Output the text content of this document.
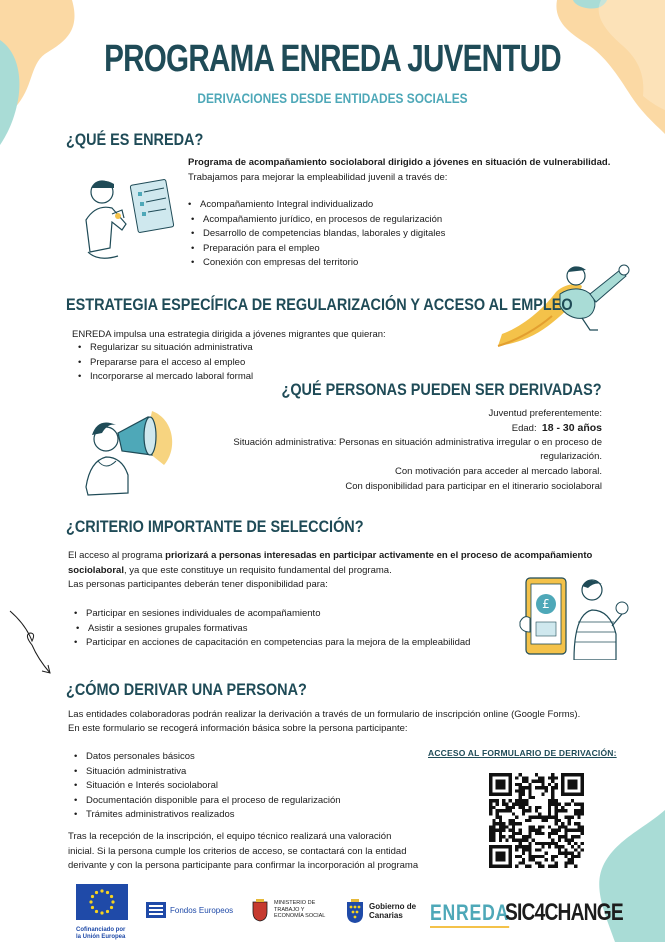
PROGRAMA ENREDA JUVENTUD
DERIVACIONES DESDE ENTIDADES SOCIALES
¿QUÉ ES ENREDA?
Programa de acompañamiento sociolaboral dirigido a jóvenes en situación de vulnerabilidad.
Trabajamos para mejorar la empleabilidad juvenil a través de:
• Acompañamiento Integral individualizado
• Acompañamiento jurídico, en procesos de regularización
• Desarrollo de competencias blandas, laborales y digitales
• Preparación para el empleo
• Conexión con empresas del territorio
ESTRATEGIA ESPECÍFICA DE REGULARIZACIÓN Y ACCESO AL EMPLEO
ENREDA impulsa una estrategia dirigida a jóvenes migrantes que quieran:
• Regularizar su situación administrativa
• Prepararse para el acceso al empleo
• Incorporarse al mercado laboral formal
¿QUÉ PERSONAS PUEDEN SER DERIVADAS?
Juventud preferentemente:
Edad: 18 - 30 años
Situación administrativa: Personas en situación administrativa irregular o en proceso de
regularización.
Con motivación para acceder al mercado laboral.
Con disponibilidad para participar en el itinerario sociolaboral
¿CRITERIO IMPORTANTE DE SELECCIÓN?
El acceso al programa priorizará a personas interesadas en participar activamente en el proceso de acompañamiento sociolaboral, ya que este constituye un requisito fundamental del programa.
Las personas participantes deberán tener disponibilidad para:
• Participar en sesiones individuales de acompañamiento
• Asistir a sesiones grupales formativas
• Participar en acciones de capacitación en competencias para la mejora de la empleabilidad
£
¿CÓMO DERIVAR UNA PERSONA?
Las entidades colaboradoras podrán realizar la derivación a través de un formulario de inscripción online (Google Forms).
En este formulario se recogerá información básica sobre la persona participante:
• Datos personales básicos
• Situación administrativa
• Situación e Interés sociolaboral
• Documentación disponible para el proceso de regularización
• Trámites administrativos realizados
Tras la recepción de la inscripción, el equipo técnico realizará una valoración inicial. Si la persona cumple los criterios de acceso, se contactará con la entidad derivante y con la persona participante para confirmar la incorporación al programa
ACCESO AL FORMULARIO DE DERIVACIÓN:
Cofinanciado por la Unión Europea
Fondos Europeos
MINISTERIO DE TRABAJO Y ECONOMÍA SOCIAL
Gobierno de Canarias	ENREDA
SIC4CHANGE
